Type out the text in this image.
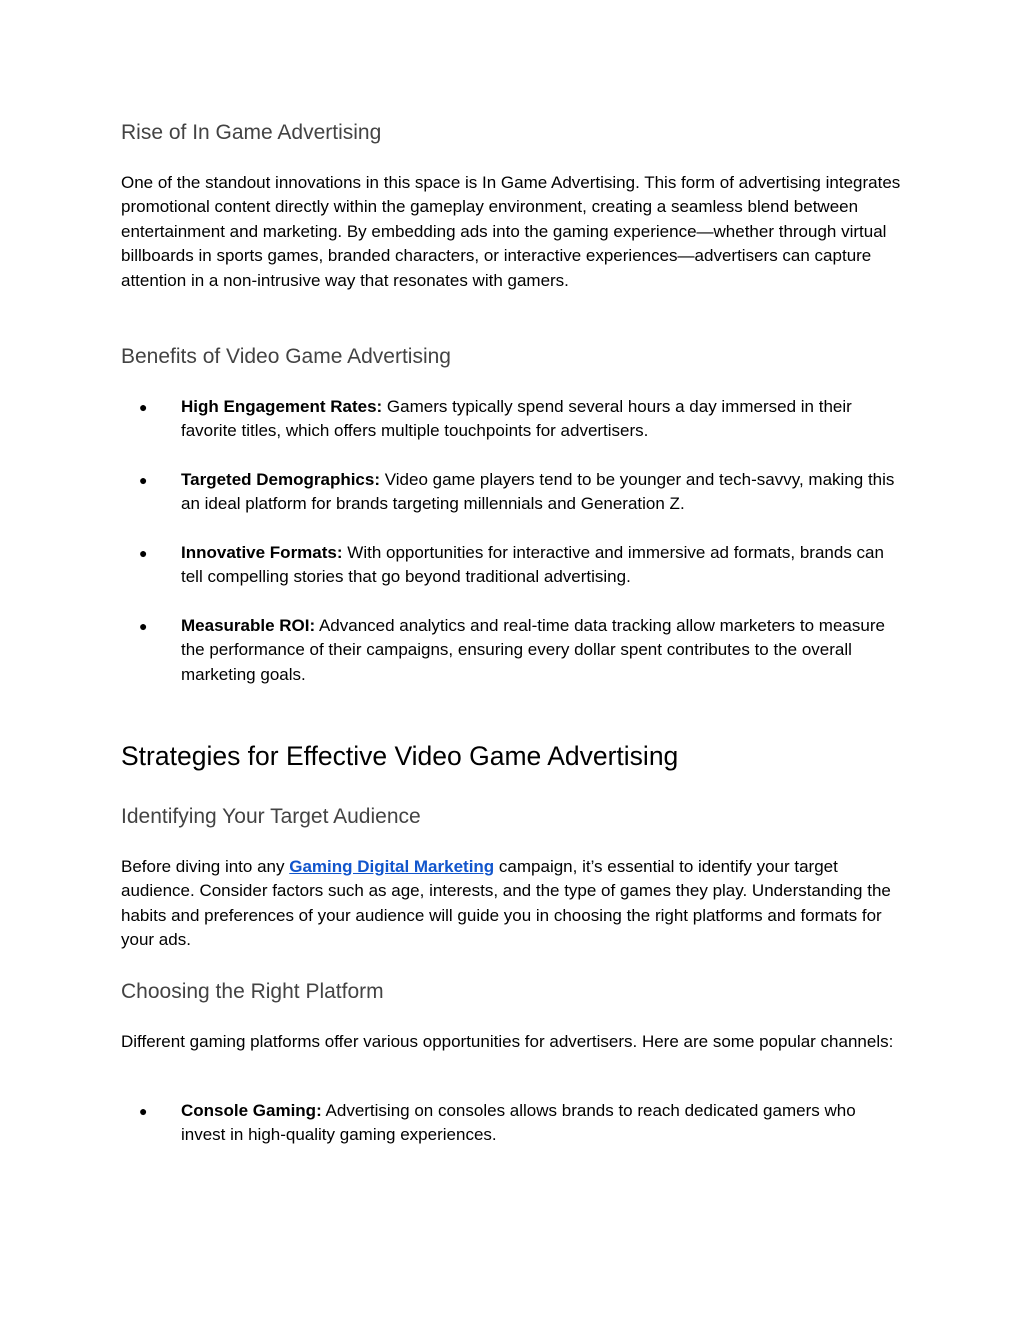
Rise of In Game Advertising

One of the standout innovations in this space is In Game Advertising. This form of advertising integrates promotional content directly within the gameplay environment, creating a seamless blend between entertainment and marketing. By embedding ads into the gaming experience—whether through virtual billboards in sports games, branded characters, or interactive experiences—advertisers can capture attention in a non-intrusive way that resonates with gamers.

Benefits of Video Game Advertising
● High Engagement Rates: Gamers typically spend several hours a day immersed in their favorite titles, which offers multiple touchpoints for advertisers.
● Targeted Demographics: Video game players tend to be younger and tech-savvy, making this an ideal platform for brands targeting millennials and Generation Z.
● Innovative Formats: With opportunities for interactive and immersive ad formats, brands can tell compelling stories that go beyond traditional advertising.
● Measurable ROI: Advanced analytics and real-time data tracking allow marketers to measure the performance of their campaigns, ensuring every dollar spent contributes to the overall marketing goals.
Strategies for Effective Video Game Advertising
Identifying Your Target Audience

Before diving into any Gaming Digital Marketing campaign, it’s essential to identify your target audience. Consider factors such as age, interests, and the type of games they play. Understanding the habits and preferences of your audience will guide you in choosing the right platforms and formats for your ads.

Choosing the Right Platform

Different gaming platforms offer various opportunities for advertisers. Here are some popular channels:

● Console Gaming: Advertising on consoles allows brands to reach dedicated gamers who invest in high-quality gaming experiences.
